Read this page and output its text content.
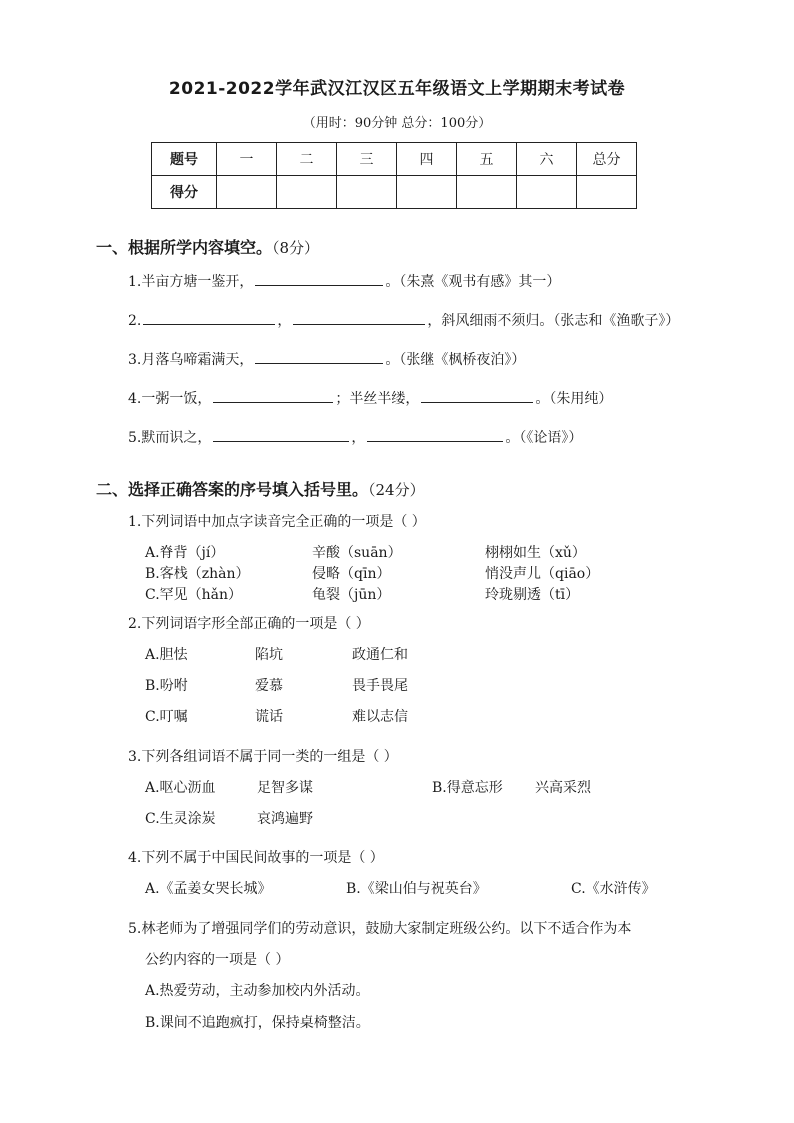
2021-2022学年武汉江汉区五年级语文上学期期末考试卷
（用时：90分钟 总分：100分）
题号	一	二	三	四	五	六	总分
得分							
一、根据所学内容填空。（8分）
1.半亩方塘一鉴开，	。（朱熹《观书有感》其一）
2.	，	，斜风细雨不须归。（张志和《渔歌子》）
3.月落乌啼霜满天，	。（张继《枫桥夜泊》）
4.一粥一饭，	；半丝半缕，	。（朱用纯）
5.默而识之，	，	。（《论语》）
二、选择正确答案的序号填入括号里。（24分）
1.下列词语中加点字读音完全正确的一项是（ ）
A.脊背（jí）	辛酸（suān）	栩栩如生（xǔ）
B.客栈（zhàn）	侵略（qīn）	悄没声儿（qiāo）
C.罕见（hǎn）	龟裂（jūn）	玲珑剔透（tī）
2.下列词语字形全部正确的一项是（ ）
A.胆怯	陷坑	政通仁和
B.吩咐	爱慕	畏手畏尾
C.叮嘱	谎话	难以志信
3.下列各组词语不属于同一类的一组是（ ）
A.呕心沥血	足智多谋	B.得意忘形 兴高采烈
C.生灵涂炭	哀鸿遍野
4.下列不属于中国民间故事的一项是（ ）
A.《孟姜女哭长城》	B.《梁山伯与祝英台》	C.《水浒传》
5.林老师为了增强同学们的劳动意识，鼓励大家制定班级公约。以下不适合作为本
公约内容的一项是（ ）
A.热爱劳动，主动参加校内外活动。
B.课间不追跑疯打，保持桌椅整洁。
